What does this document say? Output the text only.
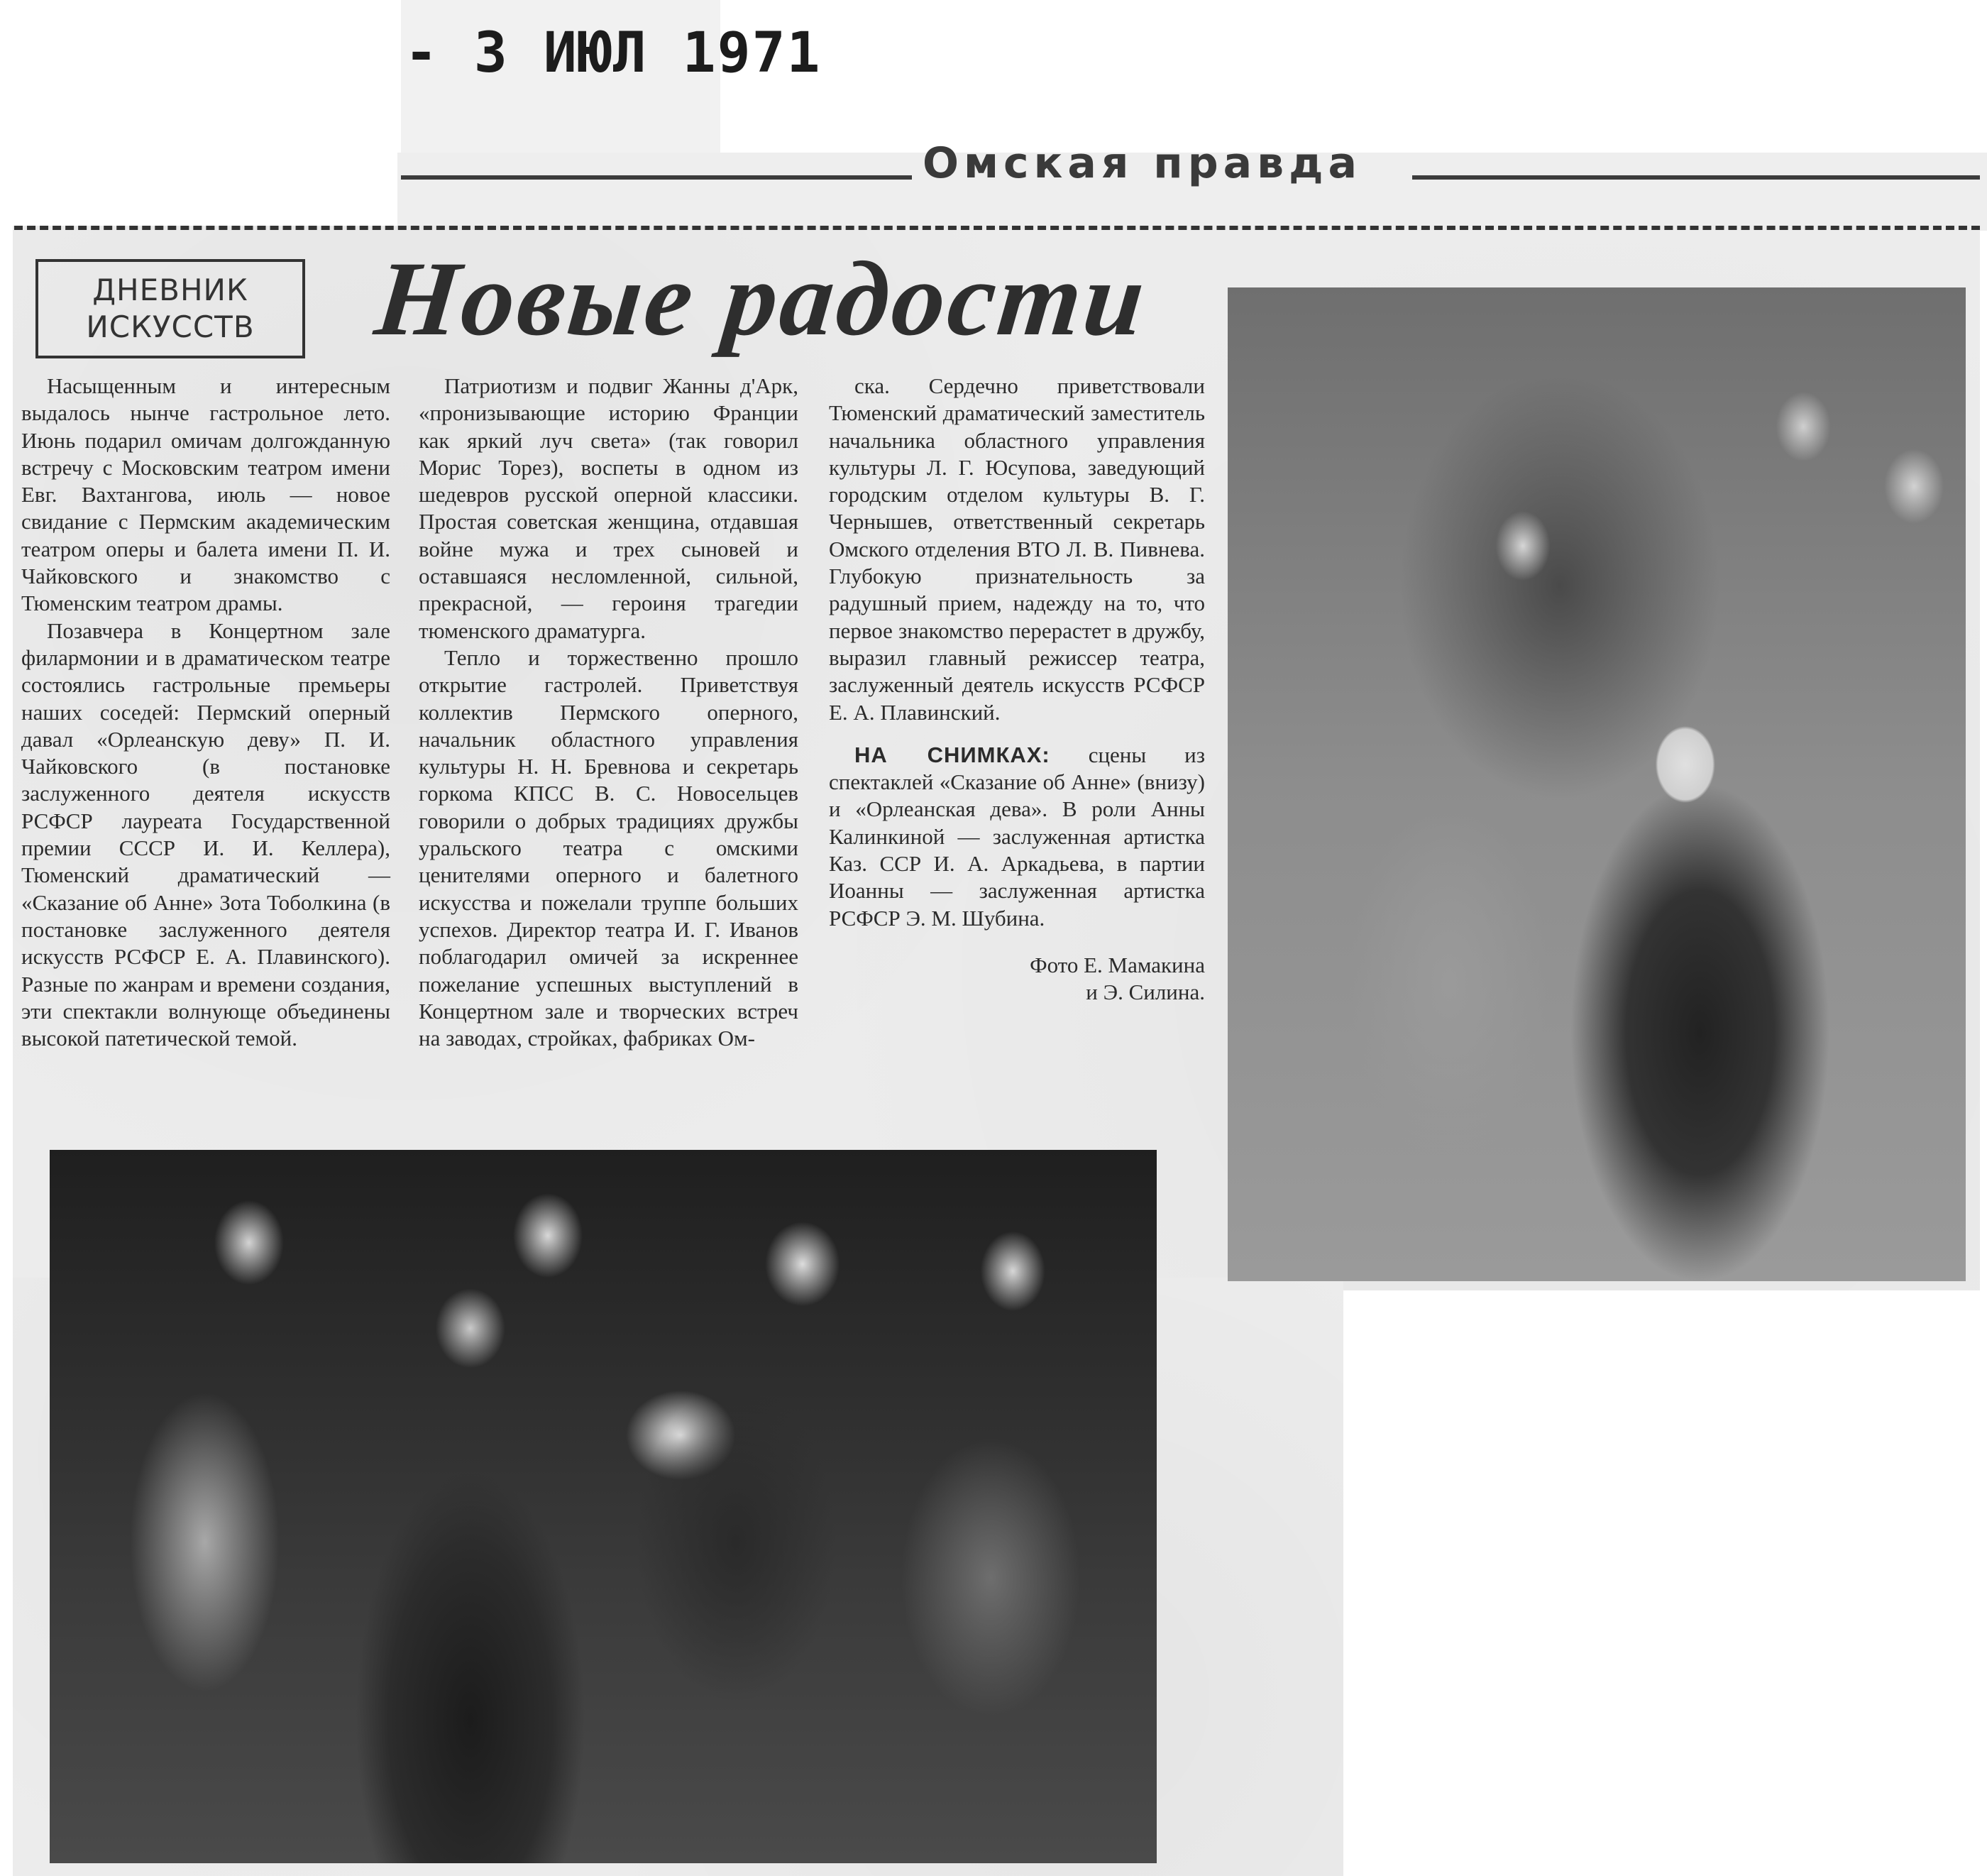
- 3 ИЮЛ 1971
Омская правда
ДНЕВНИК
ИСКУССТВ Новые радости

Насыщенным и интересным выдалось нынче гастрольное лето. Июнь подарил омичам долгожданную встречу с Московским театром имени Евг. Вахтангова, июль — новое свидание с Пермским академическим театром оперы и балета имени П. И. Чайковского и знакомство с Тюменским театром драмы.

Позавчера в Концертном зале филармонии и в драматическом театре состоялись гастрольные премьеры наших соседей: Пермский оперный давал «Орлеанскую деву» П. И. Чайковского (в постановке заслуженного деятеля искусств РСФСР лауреата Государственной премии СССР И. И. Келлера), Тюменский драматический — «Сказание об Анне» Зота Тоболкина (в постановке заслуженного деятеля искусств РСФСР Е. А. Плавинского). Разные по жанрам и времени создания, эти спектакли волнующе объединены высокой патетической темой.

Патриотизм и подвиг Жанны д'Арк, «пронизывающие историю Франции как яркий луч света» (так говорил Морис Торез), воспеты в одном из шедевров русской оперной классики. Простая советская женщина, отдавшая войне мужа и трех сыновей и оставшаяся несломленной, сильной, прекрасной, — героиня трагедии тюменского драматурга.

Тепло и торжественно прошло открытие гастролей. Приветствуя коллектив Пермского оперного, начальник областного управления культуры Н. Н. Бревнова и секретарь горкома КПСС В. С. Новосельцев говорили о добрых традициях дружбы уральского театра с омскими ценителями оперного и балетного искусства и пожелали труппе больших успехов. Директор театра И. Г. Иванов поблагодарил омичей за искреннее пожелание успешных выступлений в Концертном зале и творческих встреч на заводах, стройках, фабриках Ом-

ска. Сердечно приветствовали Тюменский драматический заместитель начальника областного управления культуры Л. Г. Юсупова, заведующий городским отделом культуры В. Г. Чернышев, ответственный секретарь Омского отделения ВТО Л. В. Пивнева. Глубокую признательность за радушный прием, надежду на то, что первое знакомство перерастет в дружбу, выразил главный режиссер театра, заслуженный деятель искусств РСФСР Е. А. Плавинский.

НА СНИМКАХ: сцены из спектаклей «Сказание об Анне» (внизу) и «Орлеанская дева». В роли Анны Калинкиной — заслуженная артистка Каз. ССР И. А. Аркадьева, в партии Иоанны — заслуженная артистка РСФСР Э. М. Шубина.

Фото Е. Мамакина

и Э. Силина.
